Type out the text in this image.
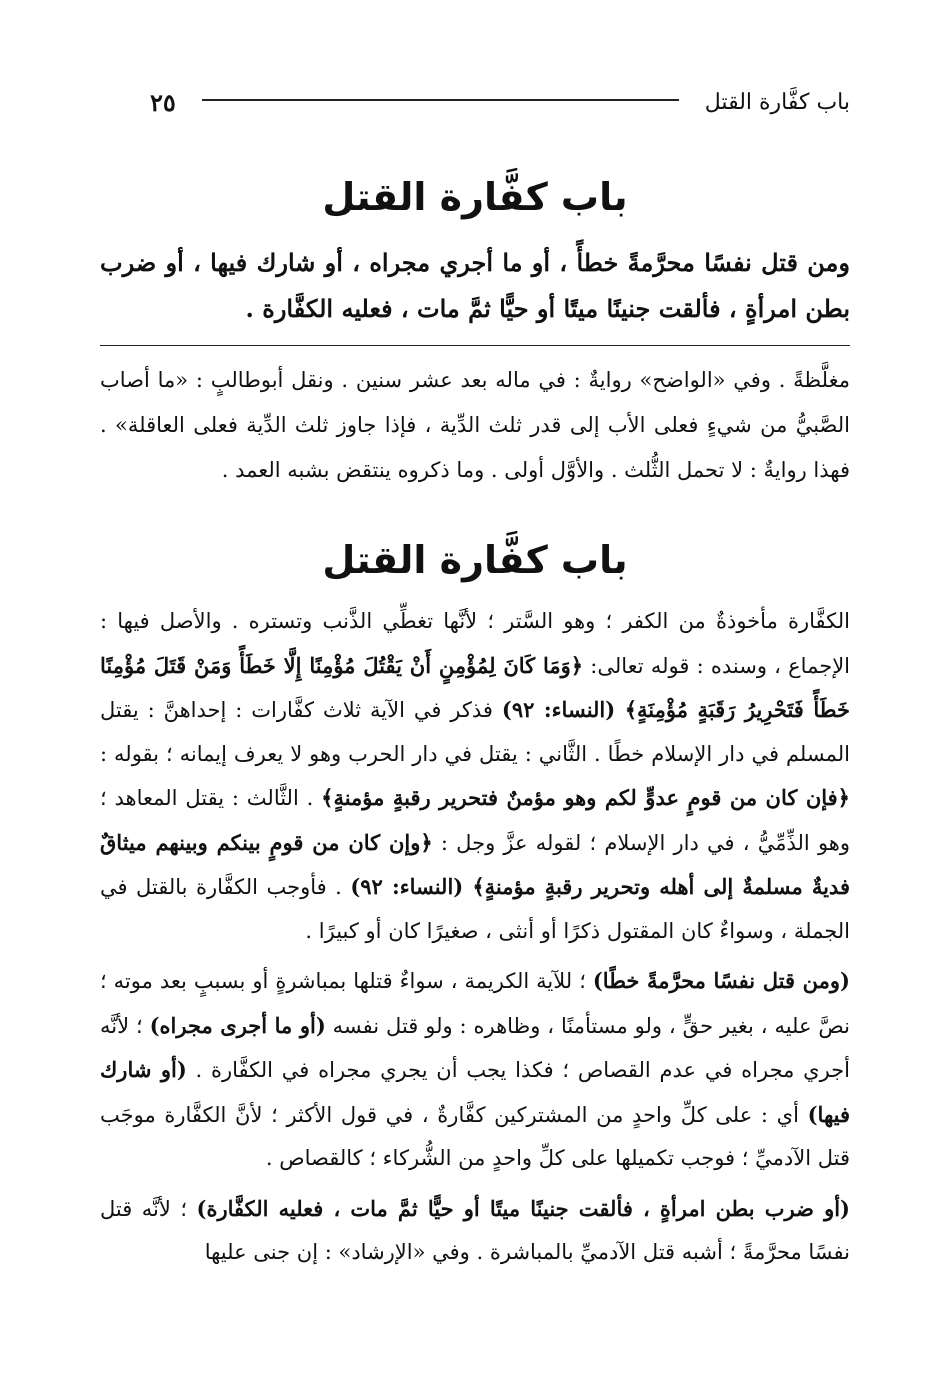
باب كفَّارة القتل
٢٥
باب كفَّارة القتل
ومن قتل نفسًا محرَّمةً خطأً ، أو ما أجري مجراه ، أو شارك فيها ، أو ضرب بطن امرأةٍ ، فألقت جنينًا ميتًا أو حيًّا ثمَّ مات ، فعليه الكفَّارة .
مغلَّظةً . وفي «الواضح» روايةٌ : في ماله بعد عشر سنين . ونقل أبوطالبٍ : «ما أصاب الصَّبيُّ من شيءٍ فعلى الأب إلى قدر ثلث الدِّية ، فإذا جاوز ثلث الدِّية فعلى العاقلة» . فهذا روايةٌ : لا تحمل الثُّلث . والأوَّل أولى . وما ذكروه ينتقض بشبه العمد .
باب كفَّارة القتل

الكفَّارة مأخوذةٌ من الكفر ؛ وهو السَّتر ؛ لأنَّها تغطِّي الذَّنب وتستره . والأصل فيها : الإجماع ، وسنده : قوله تعالى: ﴿وَمَا كَانَ لِمُؤْمِنٍ أَنْ يَقْتُلَ مُؤْمِنًا إِلَّا خَطَأً وَمَنْ قَتَلَ مُؤْمِنًا خَطَأً فَتَحْرِيرُ رَقَبَةٍ مُؤْمِنَةٍ﴾ (النساء: ٩٢) فذكر في الآية ثلاث كفَّارات : إحداهنَّ : يقتل المسلم في دار الإسلام خطًا . الثَّاني : يقتل في دار الحرب وهو لا يعرف إيمانه ؛ بقوله : ﴿فإن كان من قومٍ عدوٍّ لكم وهو مؤمنٌ فتحرير رقبةٍ مؤمنةٍ﴾ . الثَّالث : يقتل المعاهد ؛ وهو الذِّمِّيُّ ، في دار الإسلام ؛ لقوله عزَّ وجل : ﴿وإن كان من قومٍ بينكم وبينهم ميثاقٌ فديةٌ مسلمةٌ إلى أهله وتحرير رقبةٍ مؤمنةٍ﴾ (النساء: ٩٢) . فأوجب الكفَّارة بالقتل في الجملة ، وسواءٌ كان المقتول ذكرًا أو أنثى ، صغيرًا كان أو كبيرًا .

(ومن قتل نفسًا محرَّمةً خطًا) ؛ للآية الكريمة ، سواءٌ قتلها بمباشرةٍ أو بسببٍ بعد موته ؛ نصَّ عليه ، بغير حقٍّ ، ولو مستأمنًا ، وظاهره : ولو قتل نفسه (أو ما أجرى مجراه) ؛ لأنَّه أجري مجراه في عدم القصاص ؛ فكذا يجب أن يجري مجراه في الكفَّارة . (أو شارك فيها) أي : على كلِّ واحدٍ من المشتركين كفَّارةٌ ، في قول الأكثر ؛ لأنَّ الكفَّارة موجَب قتل الآدميِّ ؛ فوجب تكميلها على كلِّ واحدٍ من الشُّركاء ؛ كالقصاص .

(أو ضرب بطن امرأةٍ ، فألقت جنينًا ميتًا أو حيًّا ثمَّ مات ، فعليه الكفَّارة) ؛ لأنَّه قتل نفسًا محرَّمةً ؛ أشبه قتل الآدميِّ بالمباشرة . وفي «الإرشاد» : إن جنى عليها
